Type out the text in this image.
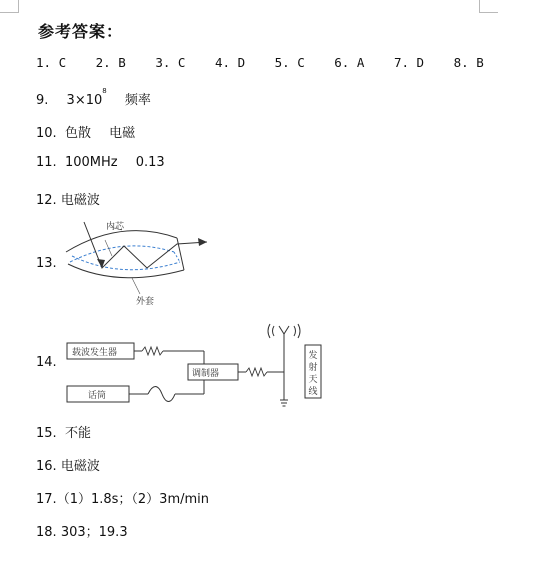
参考答案：
1. C 2. B 3. C 4. D 5. C 6. A 7. D 8. B
9. $3\times 10^8$ 频率
10. 色散 电磁
11. 100MHz 0.13
12. 电磁波
13.
内芯
外套
14.
载波发生器
话筒
调制器
发
射
天
线
15. 不能
16. 电磁波
17.（1）1.8s；（2）3m/min
18. 303；19.3
